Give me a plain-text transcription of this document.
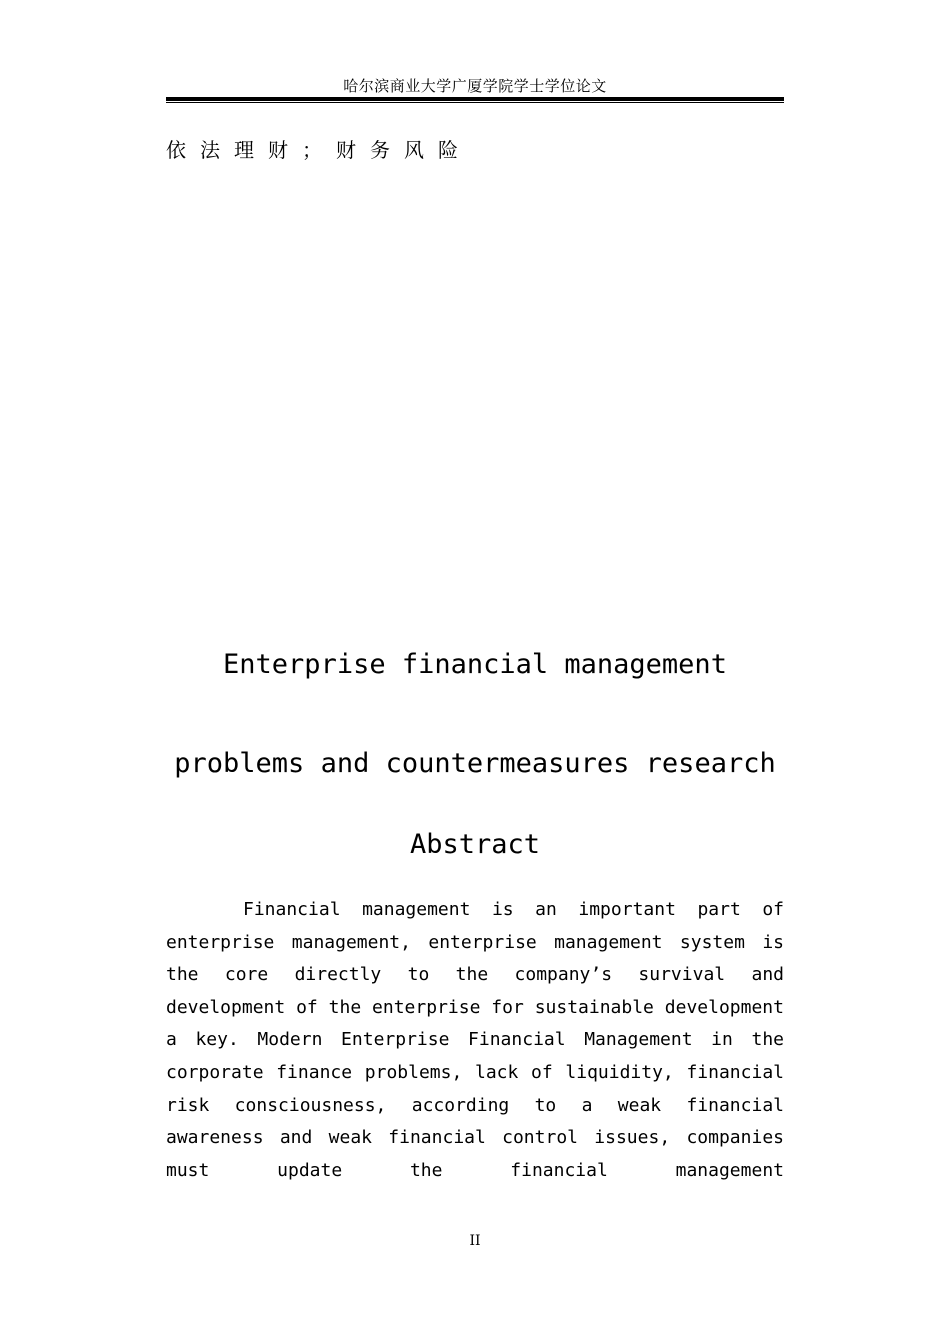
哈尔滨商业大学广厦学院学士学位论文
依法理财；财务风险
Enterprise financial management
problems and countermeasures research
Abstract
Financial management is an important part of enterprise management, enterprise management system is the core directly to the company’s survival and development of the enterprise for sustainable development a key. Modern Enterprise Financial Management in the corporate finance problems, lack of liquidity, financial risk consciousness, according to a weak financial awareness and weak financial control issues, companies must update the financial management
II
